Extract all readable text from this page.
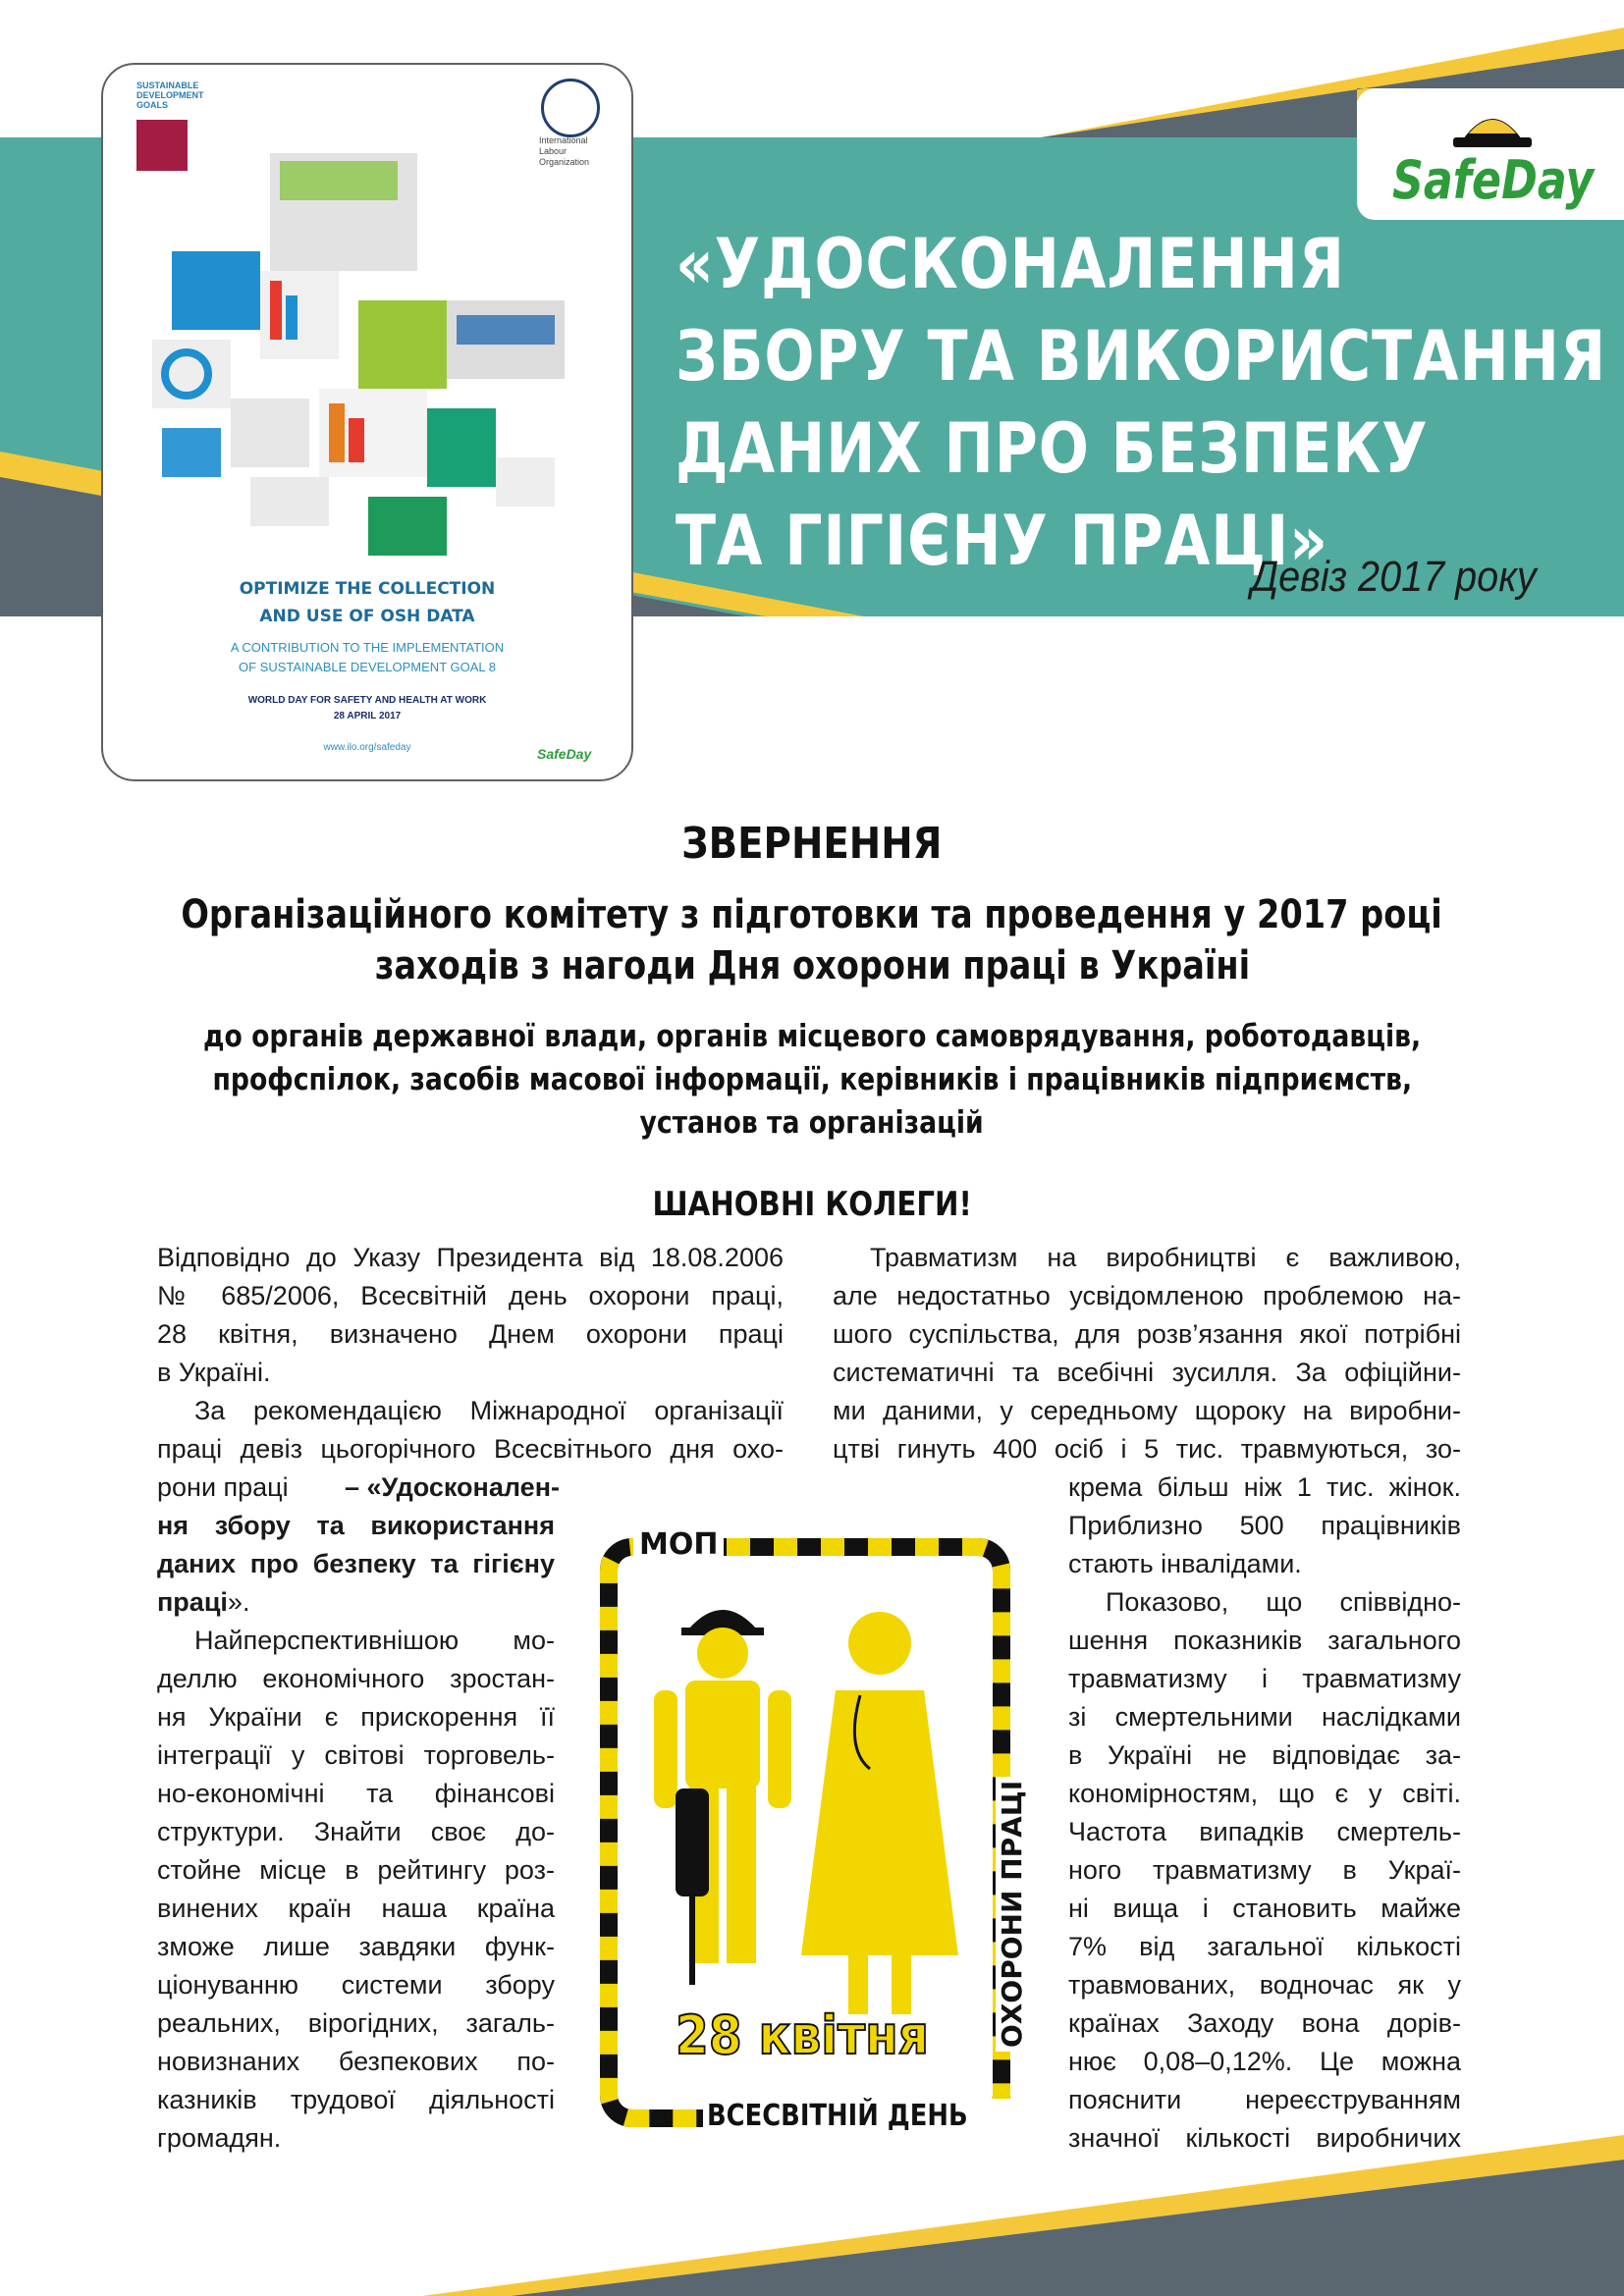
SafeDay
«УДОСКОНАЛЕННЯ
ЗБОРУ ТА ВИКОРИСТАННЯ
ДАНИХ ПРО БЕЗПЕКУ
ТА ГІГІЄНУ ПРАЦІ»
Девіз 2017 року
SUSTAINABLE DEVELOPMENT GOALS
International Labour Organization
OPTIMIZE THE COLLECTION
AND USE OF OSH DATA
A CONTRIBUTION TO THE IMPLEMENTATION
OF SUSTAINABLE DEVELOPMENT GOAL 8
WORLD DAY FOR SAFETY AND HEALTH AT WORK
28 APRIL 2017
www.ilo.org/safeday	SafeDay
ЗВЕРНЕННЯ
Організаційного комітету з підготовки та проведення у 2017 році
заходів з нагоди Дня охорони праці в Україні
до органів державної влади, органів місцевого самоврядування, роботодавців,
профспілок, засобів масової інформації, керівників і працівників підприємств,
установ та організацій
ШАНОВНІ КОЛЕГИ!
Відповідно до Указу Президента від 18.08.2006
№ 685/2006, Всесвітній день охорони праці,
28 квітня, визначено Днем охорони праці
в Україні.
За рекомендацією Міжнародної організації
праці девіз цьогорічного Всесвітнього дня охо-
рони праці – «Удосконален-
ня збору та використання
даних про безпеку та гігієну
праці».
Найперспективнішою мо-
деллю економічного зростан-
ня України є прискорення її
інтеграції у світові торговель-
но-економічні та фінансові
структури. Знайти своє до-
стойне місце в рейтингу роз-
винених країн наша країна
зможе лише завдяки функ-
ціонуванню системи збору
реальних, вірогідних, загаль-
новизнаних безпекових по-
казників трудової діяльності
громадян.
Травматизм на виробництві є важливою,
але недостатньо усвідомленою проблемою на-
шого суспільства, для розв’язання якої потрібні
систематичні та всебічні зусилля. За офіційни-
ми даними, у середньому щороку на виробни-
цтві гинуть 400 осіб і 5 тис. травмуються, зо-
крема більш ніж 1 тис. жінок.
Приблизно 500 працівників
стають інвалідами.
Показово, що співвідно-
шення показників загального
травматизму і травматизму
зі смертельними наслідками
в Україні не відповідає за-
кономірностям, що є у світі.
Частота випадків смертель-
ного травматизму в Украї-
ні вища і становить майже
7% від загальної кількості
травмованих, водночас як у
країнах Заходу вона дорів-
нює 0,08–0,12%. Це можна
пояснити нереєструванням
значної кількості виробничих
МОП
28 квітня
ВСЕСВІТНІЙ ДЕНЬ
ОХОРОНИ ПРАЦІ
